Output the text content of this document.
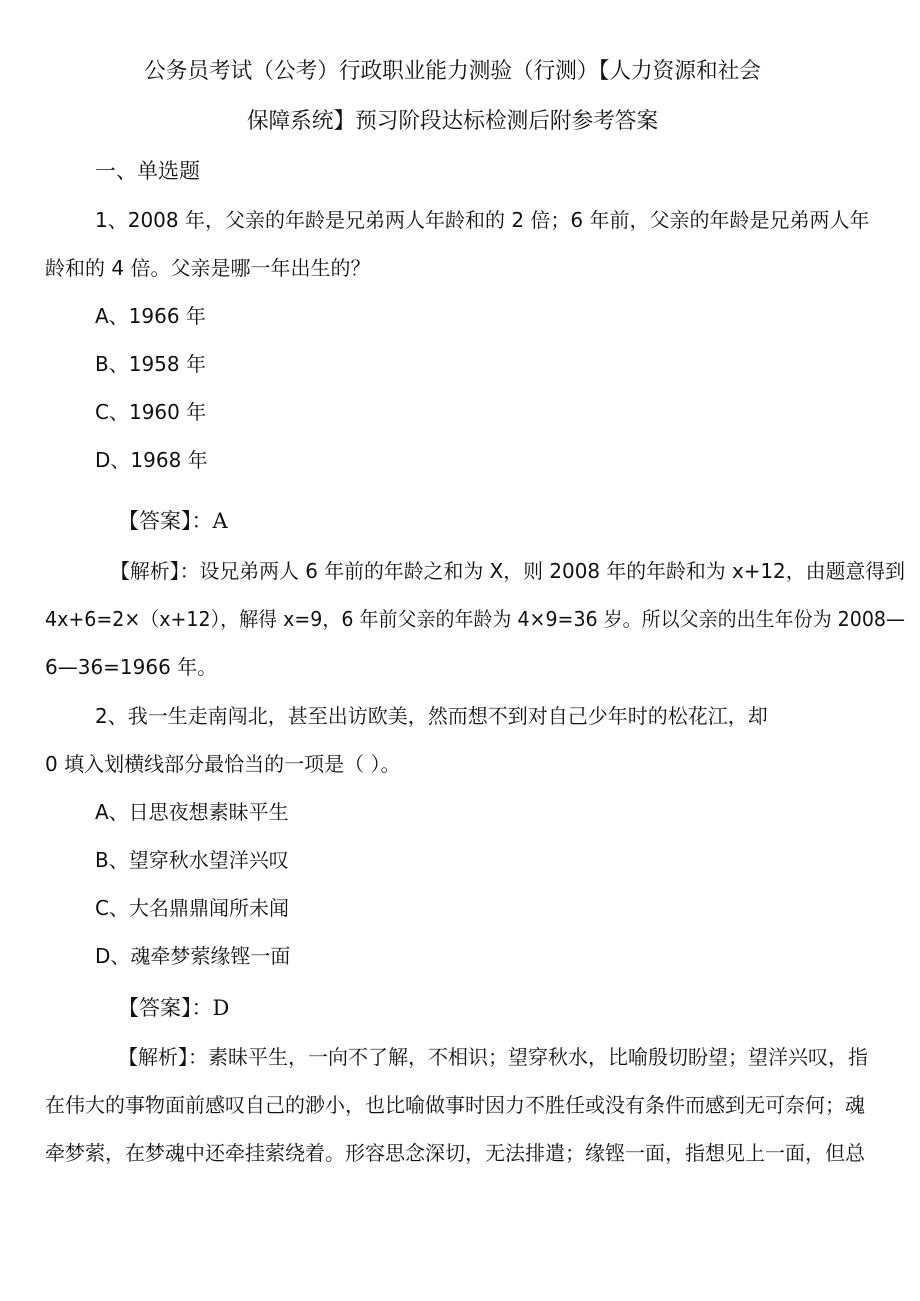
公务员考试（公考）行政职业能力测验（行测）【人力资源和社会
保障系统】预习阶段达标检测后附参考答案
一、单选题
1、2008 年，父亲的年龄是兄弟两人年龄和的 2 倍；6 年前，父亲的年龄是兄弟两人年
龄和的 4 倍。父亲是哪一年出生的？
A、1966 年
B、1958 年
C、1960 年
D、1968 年
【答案】：A
【解析】：设兄弟两人 6 年前的年龄之和为 X，则 2008 年的年龄和为 x+12，由题意得到
4x+6=2×（x+12），解得 x=9，6 年前父亲的年龄为 4×9=36 岁。所以父亲的出生年份为 2008—
6—36=1966 年。
2、我一生走南闯北，甚至出访欧美，然而想不到对自己少年时的松花江，却
0 填入划横线部分最恰当的一项是（ ）。
A、日思夜想素昧平生
B、望穿秋水望洋兴叹
C、大名鼎鼎闻所未闻
D、魂牵梦萦缘铿一面
【答案】：D
【解析】：素昧平生，一向不了解，不相识；望穿秋水，比喻殷切盼望；望洋兴叹，指
在伟大的事物面前感叹自己的渺小，也比喻做事时因力不胜任或没有条件而感到无可奈何；魂
牵梦萦，在梦魂中还牵挂萦绕着。形容思念深切，无法排遣；缘铿一面，指想见上一面，但总
